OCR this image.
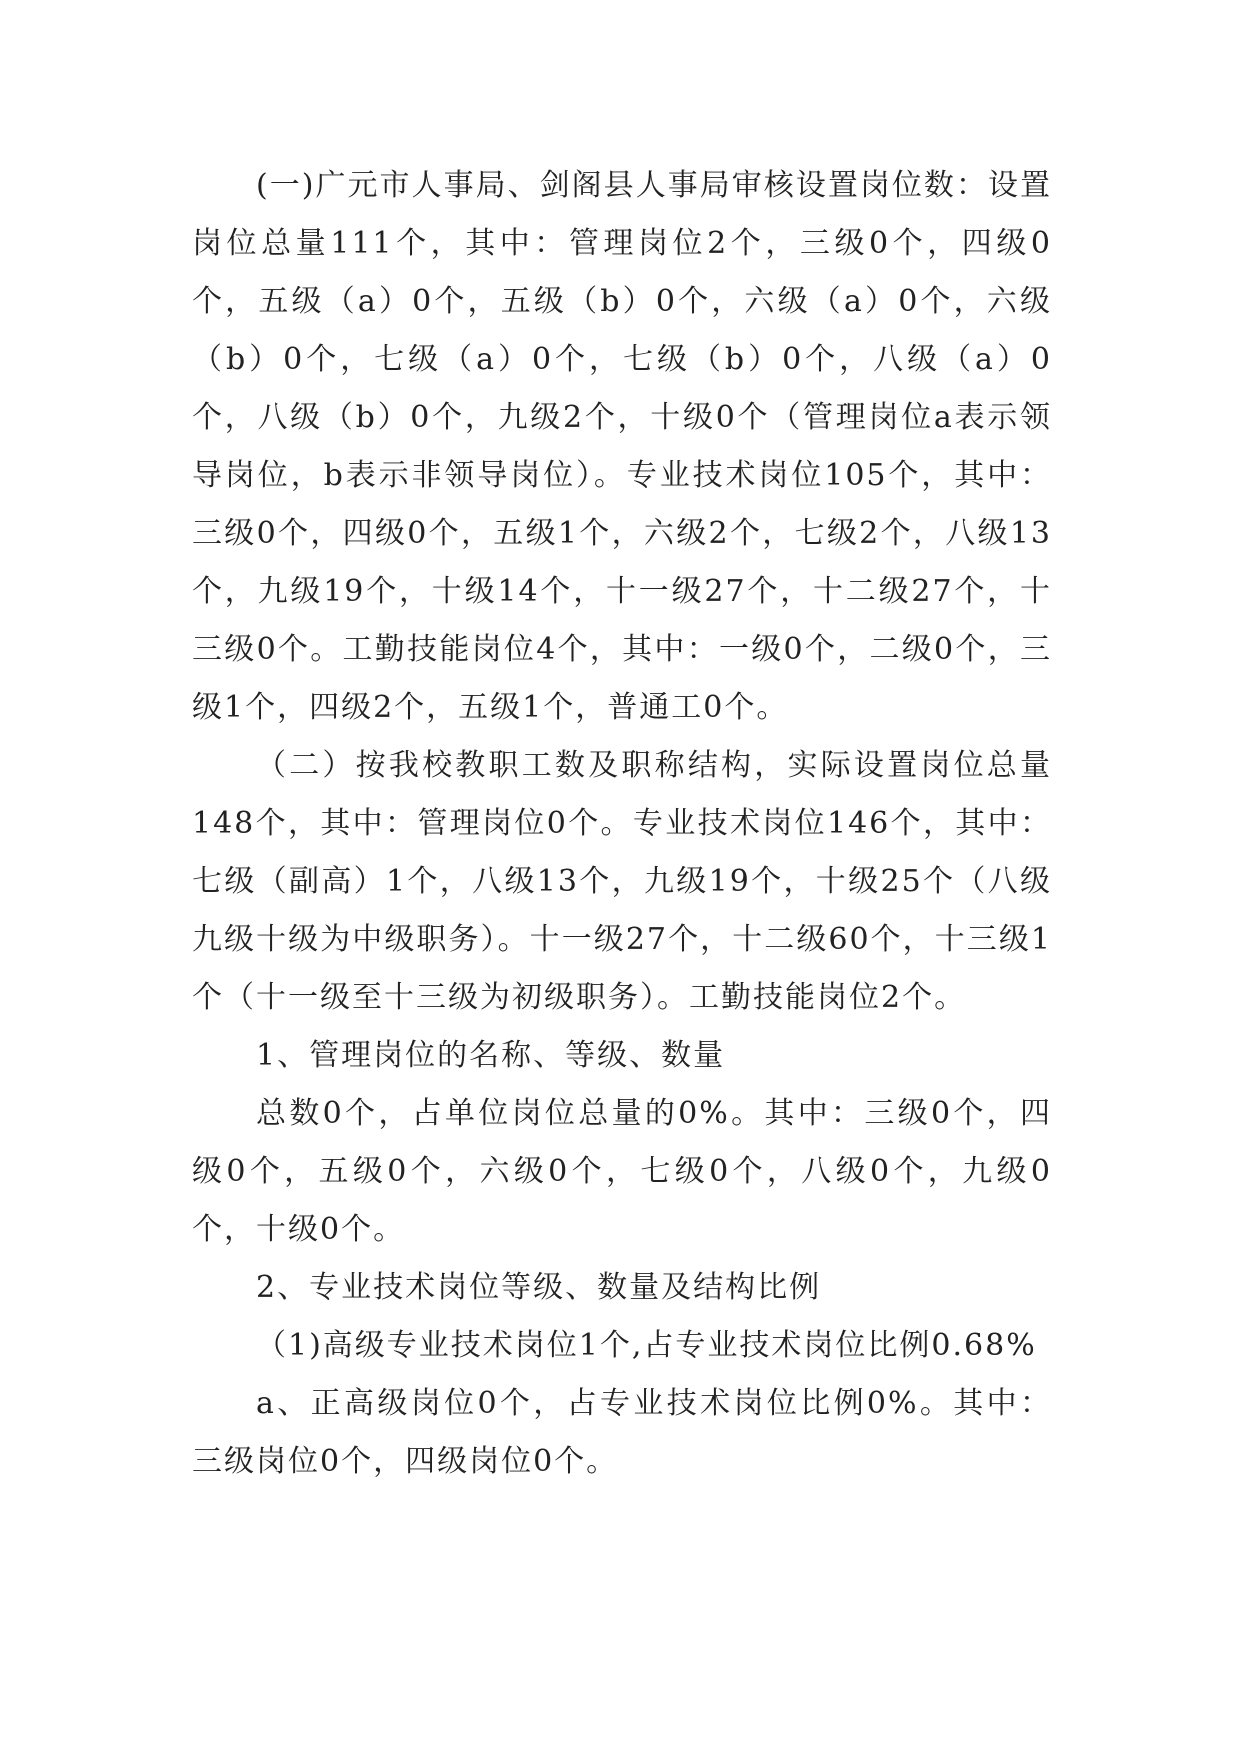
(一)广元市人事局、剑阁县人事局审核设置岗位数：设置岗位总量111个，其中：管理岗位2个，三级0个，四级0个，五级（a）0个，五级（b）0个，六级（a）0个，六级（b）0个，七级（a）0个，七级（b）0个，八级（a）0个，八级（b）0个，九级2个，十级0个（管理岗位a表示领导岗位，b表示非领导岗位）。专业技术岗位105个，其中：三级0个，四级0个，五级1个，六级2个，七级2个，八级13个，九级19个，十级14个，十一级27个，十二级27个，十三级0个。工勤技能岗位4个，其中：一级0个，二级0个，三级1个，四级2个，五级1个，普通工0个。

（二）按我校教职工数及职称结构，实际设置岗位总量148个，其中：管理岗位0个。专业技术岗位146个，其中：七级（副高）1个，八级13个，九级19个，十级25个（八级九级十级为中级职务）。十一级27个，十二级60个，十三级1个（十一级至十三级为初级职务）。工勤技能岗位2个。

1、管理岗位的名称、等级、数量

总数0个，占单位岗位总量的0%。其中：三级0个，四级0个，五级0个，六级0个，七级0个，八级0个，九级0个，十级0个。

2、专业技术岗位等级、数量及结构比例

（1)高级专业技术岗位1个,占专业技术岗位比例0.68%

a、正高级岗位0个，占专业技术岗位比例0%。其中：三级岗位0个，四级岗位0个。
